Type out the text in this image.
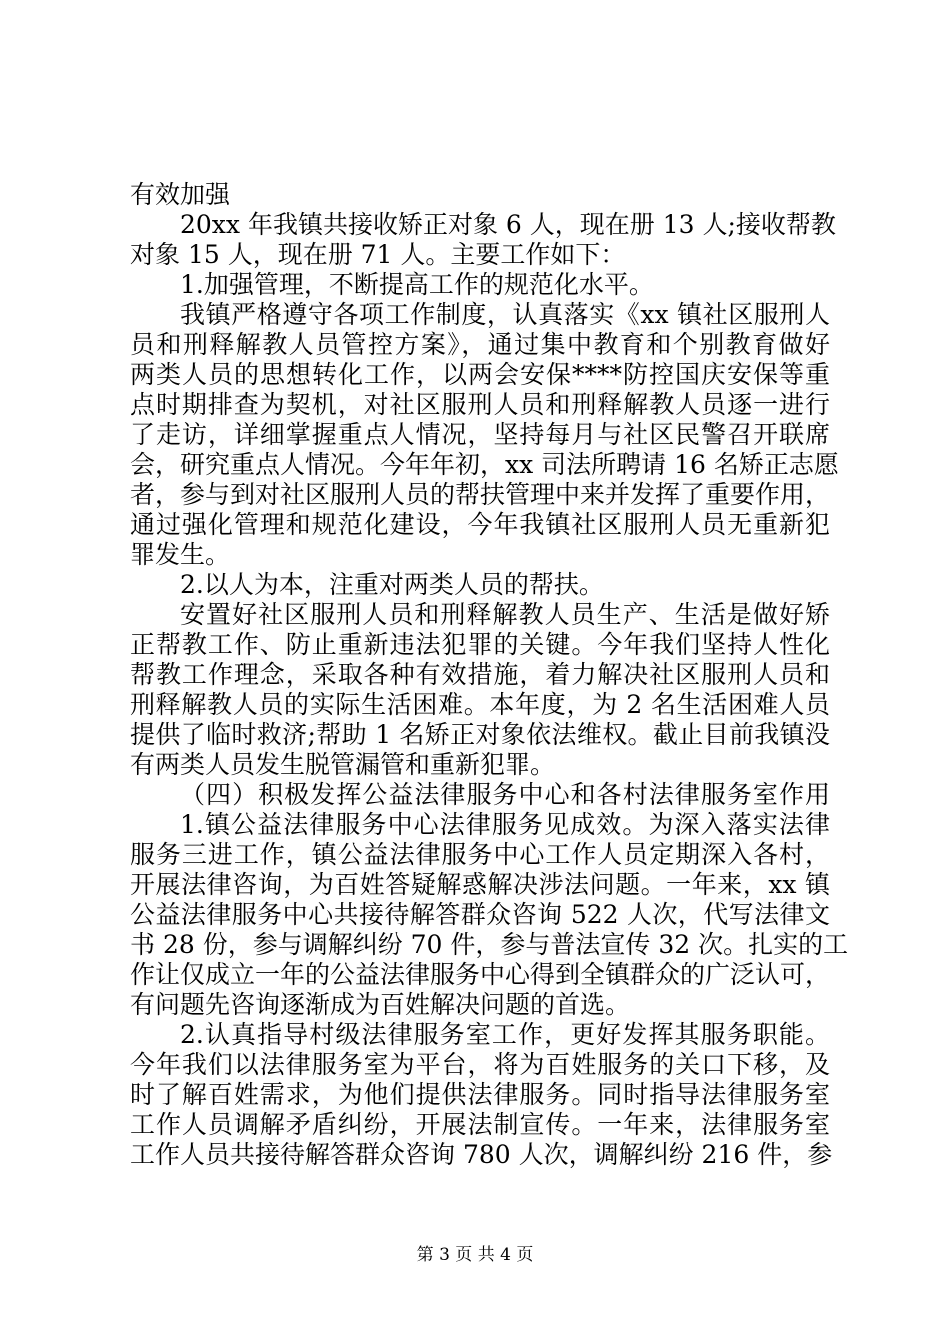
有效加强
20xx 年我镇共接收矫正对象 6 人，现在册 13 人;接收帮教
对象 15 人，现在册 71 人。主要工作如下：
1.加强管理，不断提高工作的规范化水平。
我镇严格遵守各项工作制度，认真落实《xx 镇社区服刑人
员和刑释解教人员管控方案》，通过集中教育和个别教育做好
两类人员的思想转化工作，以两会安保****防控国庆安保等重
点时期排查为契机，对社区服刑人员和刑释解教人员逐一进行
了走访，详细掌握重点人情况，坚持每月与社区民警召开联席
会，研究重点人情况。今年年初，xx 司法所聘请 16 名矫正志愿
者，参与到对社区服刑人员的帮扶管理中来并发挥了重要作用，
通过强化管理和规范化建设，今年我镇社区服刑人员无重新犯
罪发生。
2.以人为本，注重对两类人员的帮扶。
安置好社区服刑人员和刑释解教人员生产、生活是做好矫
正帮教工作、防止重新违法犯罪的关键。今年我们坚持人性化
帮教工作理念，采取各种有效措施，着力解决社区服刑人员和
刑释解教人员的实际生活困难。本年度，为 2 名生活困难人员
提供了临时救济;帮助 1 名矫正对象依法维权。截止目前我镇没
有两类人员发生脱管漏管和重新犯罪。
（四）积极发挥公益法律服务中心和各村法律服务室作用
1.镇公益法律服务中心法律服务见成效。为深入落实法律
服务三进工作，镇公益法律服务中心工作人员定期深入各村，
开展法律咨询，为百姓答疑解惑解决涉法问题。一年来，xx 镇
公益法律服务中心共接待解答群众咨询 522 人次，代写法律文
书 28 份，参与调解纠纷 70 件，参与普法宣传 32 次。扎实的工
作让仅成立一年的公益法律服务中心得到全镇群众的广泛认可，
有问题先咨询逐渐成为百姓解决问题的首选。
2.认真指导村级法律服务室工作，更好发挥其服务职能。
今年我们以法律服务室为平台，将为百姓服务的关口下移，及
时了解百姓需求，为他们提供法律服务。同时指导法律服务室
工作人员调解矛盾纠纷，开展法制宣传。一年来，法律服务室
工作人员共接待解答群众咨询 780 人次，调解纠纷 216 件，参
第 3 页 共 4 页
